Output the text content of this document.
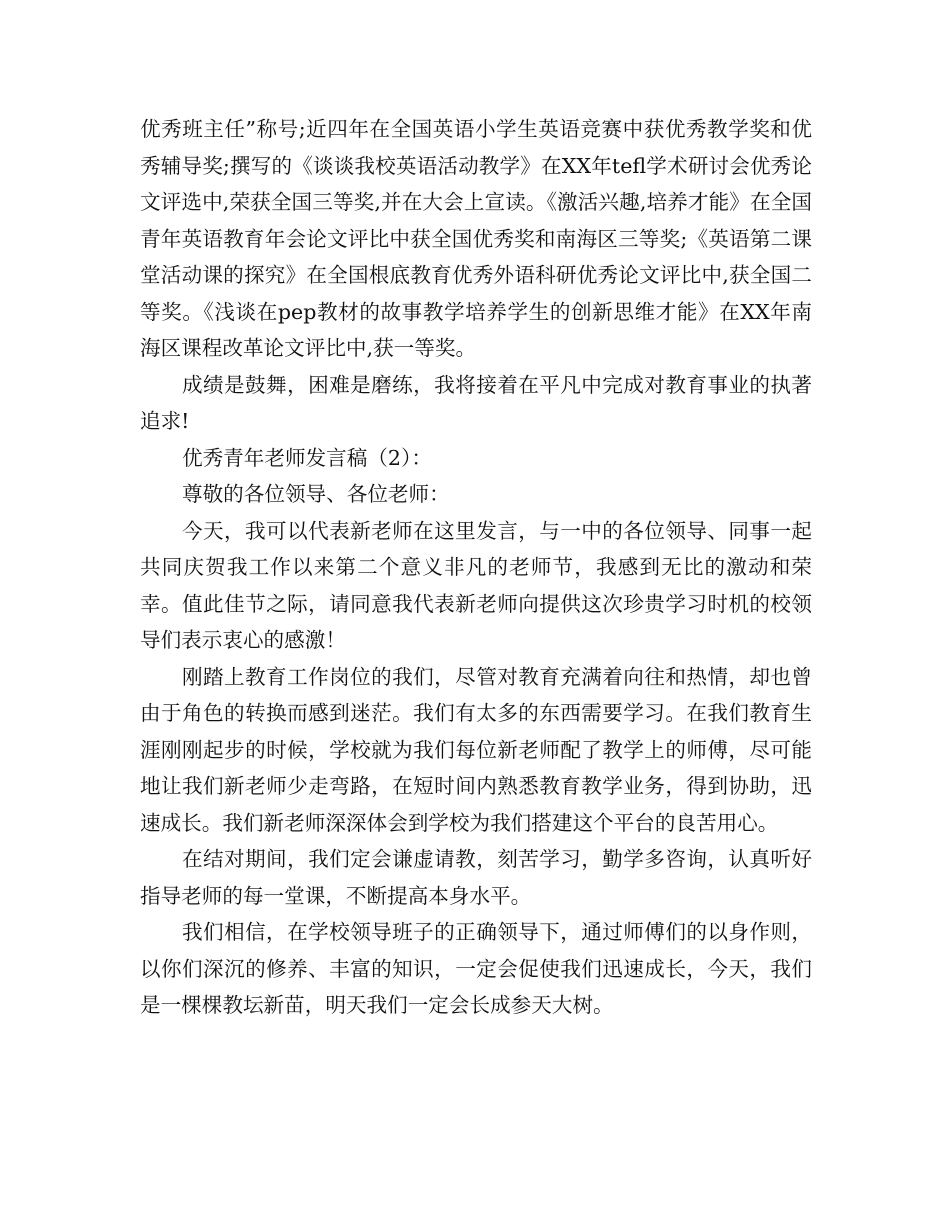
优秀班主任”称号;近四年在全国英语小学生英语竞赛中获优秀教学奖和优秀辅导奖;撰写的《谈谈我校英语活动教学》在XX年tefl学术研讨会优秀论文评选中,荣获全国三等奖,并在大会上宣读。《激活兴趣,培养才能》在全国青年英语教育年会论文评比中获全国优秀奖和南海区三等奖;《英语第二课堂活动课的探究》在全国根底教育优秀外语科研优秀论文评比中,获全国二等奖。《浅谈在pep教材的故事教学培养学生的创新思维才能》在XX年南海区课程改革论文评比中,获一等奖。

成绩是鼓舞，困难是磨练，我将接着在平凡中完成对教育事业的执著追求!

优秀青年老师发言稿（2）：

尊敬的各位领导、各位老师：

今天，我可以代表新老师在这里发言，与一中的各位领导、同事一起共同庆贺我工作以来第二个意义非凡的老师节，我感到无比的激动和荣幸。值此佳节之际，请同意我代表新老师向提供这次珍贵学习时机的校领导们表示衷心的感激！

刚踏上教育工作岗位的我们，尽管对教育充满着向往和热情，却也曾由于角色的转换而感到迷茫。我们有太多的东西需要学习。在我们教育生涯刚刚起步的时候，学校就为我们每位新老师配了教学上的师傅，尽可能地让我们新老师少走弯路，在短时间内熟悉教育教学业务，得到协助，迅速成长。我们新老师深深体会到学校为我们搭建这个平台的良苦用心。

在结对期间，我们定会谦虚请教，刻苦学习，勤学多咨询，认真听好指导老师的每一堂课，不断提高本身水平。

我们相信，在学校领导班子的正确领导下，通过师傅们的以身作则，以你们深沉的修养、丰富的知识，一定会促使我们迅速成长，今天，我们是一棵棵教坛新苗，明天我们一定会长成参天大树。
